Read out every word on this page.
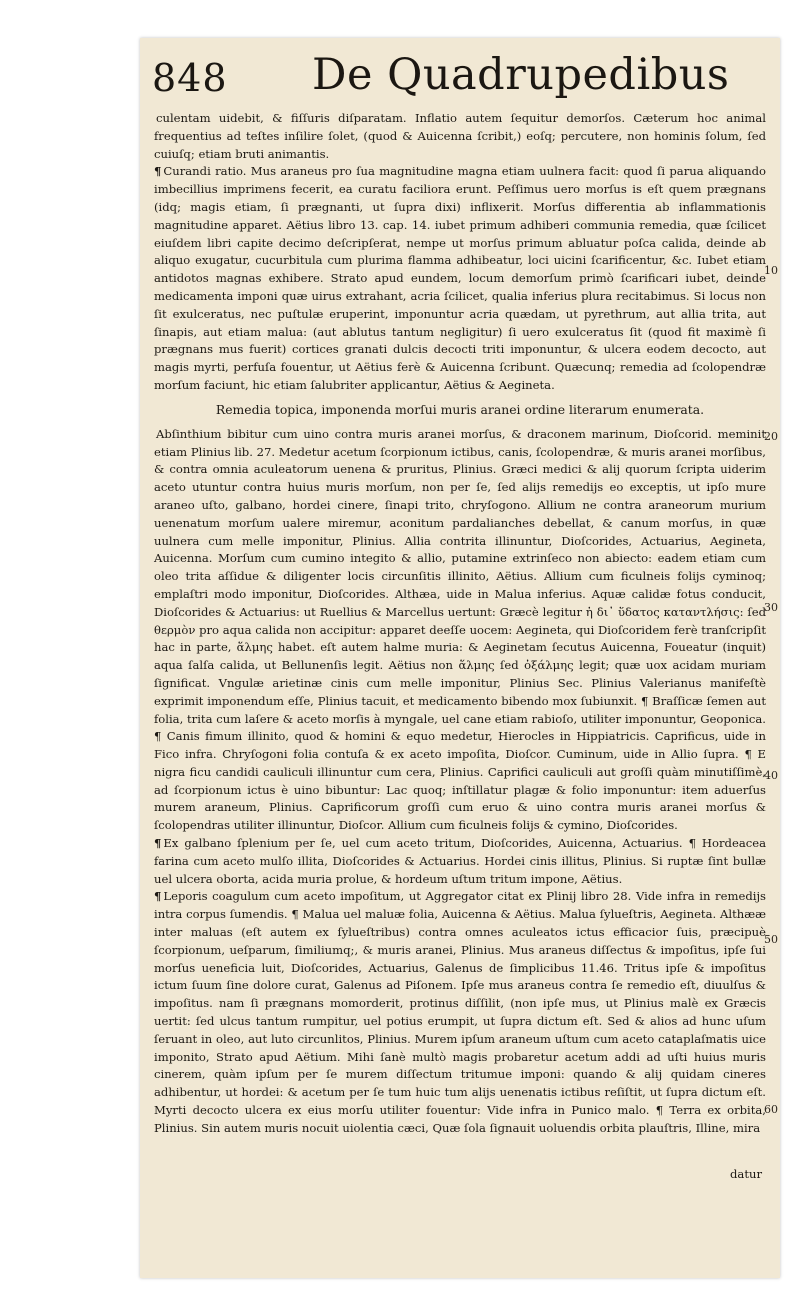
848 De Quadrupedibus

culentam uidebit, & fiſſuris diſparatam. Inflatio autem ſequitur demorſos. Cæterum hoc animal frequentius ad teſtes inſilire ſolet, (quod & Auicenna ſcribit,) eoſq; percutere, non hominis ſolum, ſed cuiuſq; etiam bruti animantis.

¶ Curandi ratio. Mus araneus pro ſua magnitudine magna etiam uulnera facit: quod ſi parua aliquando imbecillius imprimens fecerit, ea curatu faciliora erunt. Peſſimus uero morſus is eſt quem prægnans (idq; magis etiam, ſi prægnanti, ut ſupra dixi) inflixerit. Morſus differentia ab inflammationis magnitudine apparet. Aëtius libro 13. cap. 14. iubet primum adhiberi communia remedia, quæ ſcilicet eiuſdem libri capite decimo deſcripſerat, nempe ut morſus primum abluatur poſca calida, deinde ab aliquo exugatur, cucurbitula cum plurima flamma adhibeatur, loci uicini ſcarificentur, &c. Iubet etiam antidotos magnas exhibere. Strato apud eundem, locum demorſum primò ſcarificari iubet, deinde medicamenta imponi quæ uirus extrahant, acria ſcilicet, qualia inferius plura recitabimus. Si locus non ſit exulceratus, nec puſtulæ eruperint, imponuntur acria quædam, ut pyrethrum, aut allia trita, aut ſinapis, aut etiam malua: (aut ablutus tantum negligitur) ſi uero exulceratus ſit (quod fit maximè ſi prægnans mus fuerit) cortices granati dulcis decocti triti imponuntur, & ulcera eodem decocto, aut magis myrti, perfuſa fouentur, ut Aëtius ferè & Auicenna ſcribunt. Quæcunq; remedia ad ſcolopendræ morſum faciunt, hic etiam ſalubriter applicantur, Aëtius & Aegineta.

Remedia topica, imponenda morſui muris aranei ordine literarum enumerata.

Abſinthium bibitur cum uino contra muris aranei morſus, & draconem marinum, Dioſcorid. meminit etiam Plinius lib. 27. Medetur acetum ſcorpionum ictibus, canis, ſcolopendræ, & muris aranei morſibus, & contra omnia aculeatorum uenena & pruritus, Plinius. Græci medici & alij quorum ſcripta uiderim aceto utuntur contra huius muris morſum, non per ſe, ſed alijs remedijs eo exceptis, ut ipſo mure araneo uſto, galbano, hordei cinere, ſinapi trito, chryſogono. Allium ne contra araneorum murium uenenatum morſum ualere miremur, aconitum pardalianches debellat, & canum morſus, in quæ uulnera cum melle imponitur, Plinius. Allia contrita illinuntur, Dioſcorides, Actuarius, Aegineta, Auicenna. Morſum cum cumino integito & allio, putamine extrinſeco non abiecto: eadem etiam cum oleo trita aſſidue & diligenter locis circunſitis illinito, Aëtius. Allium cum ficulneis folijs cyminoq; emplaſtri modo imponitur, Dioſcorides. Althæa, uide in Malua inferius. Aquæ calidæ fotus conducit, Dioſcorides & Actuarius: ut Ruellius & Marcellus uertunt: Græcè legitur ἡ δι᾽ ὕδατος καταντλήσις: ſed θερμὸν pro aqua calida non accipitur: apparet deeſſe uocem: Aegineta, qui Dioſcoridem ferè tranſcripſit hac in parte, ἅλμης habet. eſt autem halme muria: & Aeginetam ſecutus Auicenna, Foueatur (inquit) aqua ſalſa calida, ut Bellunenſis legit. Aëtius non ἅλμης ſed ὀξάλμης legit; quæ uox acidam muriam ſignificat. Vngulæ arietinæ cinis cum melle imponitur, Plinius Sec. Plinius Valerianus manifeſtè exprimit imponendum eſſe, Plinius tacuit, et medicamento bibendo mox ſubiunxit. ¶ Braſſicæ ſemen aut folia, trita cum laſere & aceto morſis à myngale, uel cane etiam rabioſo, utiliter imponuntur, Geoponica. ¶ Canis fimum illinito, quod & homini & equo medetur, Hierocles in Hippiatricis. Caprificus, uide in Fico infra. Chryſogoni folia contuſa & ex aceto impoſita, Dioſcor. Cuminum, uide in Allio ſupra. ¶ E nigra ficu candidi cauliculi illinuntur cum cera, Plinius. Caprifici cauliculi aut groſſi quàm minutiſſimè, ad ſcorpionum ictus è uino bibuntur: Lac quoq; inſtillatur plagæ & folio imponuntur: item aduerſus murem araneum, Plinius. Caprificorum groſſi cum eruo & uino contra muris aranei morſus & ſcolopendras utiliter illinuntur, Dioſcor. Allium cum ficulneis folijs & cymino, Dioſcorides.

¶ Ex galbano ſplenium per ſe, uel cum aceto tritum, Dioſcorides, Auicenna, Actuarius. ¶ Hordeacea farina cum aceto mulſo illita, Dioſcorides & Actuarius. Hordei cinis illitus, Plinius. Si ruptæ ſint bullæ uel ulcera oborta, acida muria prolue, & hordeum uſtum tritum impone, Aëtius.

¶ Leporis coagulum cum aceto impoſitum, ut Aggregator citat ex Plinij libro 28. Vide infra in remedijs intra corpus ſumendis. ¶ Malua uel maluæ folia, Auicenna & Aëtius. Malua ſylueſtris, Aegineta. Althææ inter maluas (eſt autem ex ſylueſtribus) contra omnes aculeatos ictus efficacior ſuis, præcipuè ſcorpionum, ueſparum, ſimiliumq;, & muris aranei, Plinius. Mus araneus diſſectus & impoſitus, ipſe ſui morſus ueneficia luit, Dioſcorides, Actuarius, Galenus de ſimplicibus 11.46. Tritus ipſe & impoſitus ictum ſuum ſine dolore curat, Galenus ad Piſonem. Ipſe mus araneus contra ſe remedio eſt, diuulſus & impoſitus. nam ſi prægnans momorderit, protinus diſſilit, (non ipſe mus, ut Plinius malè ex Græcis uertit: ſed ulcus tantum rumpitur, uel potius erumpit, ut ſupra dictum eſt. Sed & alios ad hunc uſum ſeruant in oleo, aut luto circunlitos, Plinius. Murem ipſum araneum uſtum cum aceto cataplaſmatis uice imponito, Strato apud Aëtium. Mihi ſanè multò magis probaretur acetum addi ad uſti huius muris cinerem, quàm ipſum per ſe murem diſſectum tritumue imponi: quando & alij quidam cineres adhibentur, ut hordei: & acetum per ſe tum huic tum alijs uenenatis ictibus reſiſtit, ut ſupra dictum eſt. Myrti decocto ulcera ex eius morſu utiliter fouentur: Vide infra in Punico malo. ¶ Terra ex orbita, Plinius. Sin autem muris nocuit uiolentia cæci, Quæ ſola ſignauit uoluendis orbita plauſtris, Illine, mira

10
20
30
40
50
60
datur
